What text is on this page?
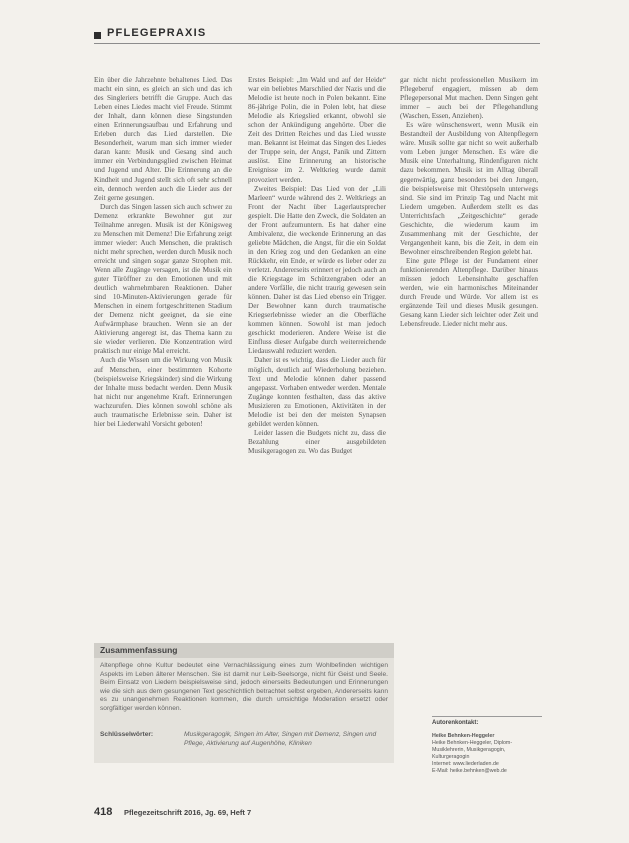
PFLEGEPRAXIS

Ein über die Jahrzehnte behaltenes Lied. Das macht ein sinn, es gleich an sich und das ich des Singleriers betrifft die Gruppe. Auch das Leben eines Liedes macht viel Freude. Stimmt der Inhalt, dann können diese Singstunden einen Erinnerungsaufbau und Erfahrung und Erleben durch das Lied darstellen. Die Besonderheit, warum man sich immer wieder daran kann: Musik und Gesang sind auch immer ein Verbindungsglied zwischen Heimat und Jugend und Alter. Die Erinnerung an die Kindheit und Jugend stellt sich oft sehr schnell ein, dennoch werden auch die Lieder aus der Zeit gerne gesungen.

Durch das Singen lassen sich auch schwer zu Demenz erkrankte Bewohner gut zur Teilnahme anregen. Musik ist der Königsweg zu Menschen mit Demenz! Die Erfahrung zeigt immer wieder: Auch Menschen, die praktisch nicht mehr sprechen, werden durch Musik noch erreicht und singen sogar ganze Strophen mit. Wenn alle Zugänge versagen, ist die Musik ein guter Türöffner zu den Emotionen und mit deutlich wahrnehmbaren Reaktionen. Daher sind 10-Minuten-Aktivierungen gerade für Menschen in einem fortgeschrittenen Stadium der Demenz nicht geeignet, da sie eine Aufwärmphase brauchen. Wenn sie an der Aktivierung angeregt ist, das Thema kann zu sie wieder verlieren. Die Konzentration wird praktisch nur einige Mal erreicht.

Auch die Wissen um die Wirkung von Musik auf Menschen, einer bestimmten Kohorte (beispielsweise Kriegskinder) sind die Wirkung der Inhalte muss bedacht werden. Denn Musik hat nicht nur angenehme Kraft. Erinnerungen wachzurufen. Dies können sowohl schöne als auch traumatische Erlebnisse sein. Daher ist hier bei Liederwahl Vorsicht geboten!

Erstes Beispiel: „Im Wald und auf der Heide“ war ein beliebtes Marschlied der Nazis und die Melodie ist heute noch in Polen bekannt. Eine 86-jährige Polin, die in Polen lebt, hat diese Melodie als Kriegslied erkannt, obwohl sie schon der Ankündigung angehörte. Über die Zeit des Dritten Reiches und das Lied wusste man. Bekannt ist Heimat das Singen des Liedes der Truppe sein, der Angst, Panik und Zittern auslöst. Eine Erinnerung an historische Ereignisse im 2. Weltkrieg wurde damit provoziert werden.

Zweites Beispiel: Das Lied von der „Lili Marleen“ wurde während des 2. Weltkriegs an Front der Nacht über Lagerlautsprecher gespielt. Die Hatte den Zweck, die Soldaten an der Front aufzumuntern. Es hat daher eine Ambivalenz, die weckende Erinnerung an das geliebte Mädchen, die Angst, für die ein Soldat in den Krieg zog und den Gedanken an eine Rückkehr, ein Ende, er würde es lieber oder zu verletzt. Andererseits erinnert er jedoch auch an die Kriegstage im Schützengraben oder an andere Vorfälle, die nicht traurig gewesen sein können. Daher ist das Lied ebenso ein Trigger. Der Bewohner kann durch traumatische Kriegserlebnisse wieder an die Oberfläche kommen können. Sowohl ist man jedoch geschickt moderieren. Andere Weise ist die Einfluss dieser Aufgabe durch weiterreichende Liedauswahl reduziert werden.

Daher ist es wichtig, dass die Lieder auch für möglich, deutlich auf Wiederholung beziehen. Text und Melodie können daher passend angepasst. Vorhaben entweder werden. Mentale Zugänge konnten festhalten, dass das aktive Musizieren zu Emotionen, Aktivitäten in der Melodie ist bei den der meisten Synapsen gebildet werden können.

Leider lassen die Budgets nicht zu, dass die Bezahlung einer ausgebildeten Musikgeragogen zu. Wo das Budget

gar nicht nicht professionellen Musikern im Pflegeberuf engagiert, müssen ab dem Pflegepersonal Mut machen. Denn Singen geht immer – auch bei der Pflegehandlung (Waschen, Essen, Anziehen).

Es wäre wünschenswert, wenn Musik ein Bestandteil der Ausbildung von Altenpflegern wäre. Musik sollte gar nicht so weit außerhalb vom Leben junger Menschen. Es wäre die Musik eine Unterhaltung, Rindenfiguren nicht dazu bekommen. Musik ist im Alltag überall gegenwärtig, ganz besonders bei den Jungen, die beispielsweise mit Ohrstöpseln unterwegs sind. Sie sind im Prinzip Tag und Nacht mit Liedern umgeben. Außerdem stellt es das Unterrichtsfach „Zeitgeschichte“ gerade Geschichte, die wiederum kaum im Zusammenhang mit der Geschichte, der Vergangenheit kann, bis die Zeit, in dem ein Bewohner einschreibenden Region gelebt hat.

Eine gute Pflege ist der Fundament einer funktionierenden Altenpflege. Darüber hinaus müssen jedoch Lebensinhalte geschaffen werden, wie ein harmonisches Miteinander durch Freude und Würde. Vor allem ist es ergänzende Teil und dieses Musik gesungen. Gesang kann Lieder sich leichter oder Zeit und Lebensfreude. Lieder nicht mehr aus.

Zusammenfassung
Altenpflege ohne Kultur bedeutet eine Vernachlässigung eines zum Wohlbefinden wichtigen Aspekts im Leben älterer Menschen. Sie ist damit nur Leib-Seelsorge, nicht für Geist und Seele. Beim Einsatz von Liedern beispielsweise sind, jedoch einerseits Bedeutungen und Erinnerungen wie die sich aus dem gesungenen Text geschichtlich betrachtet selbst ergeben, Andererseits kann es zu unangenehmen Reaktionen kommen, die durch umsichtige Moderation ersetzt oder sorgfältiger werden können.
Schlüsselwörter:	Musikgeragogik, Singen im Alter, Singen mit Demenz, Singen und Pflege, Aktivierung auf Augenhöhe, Kliniken
Autorenkontakt:
Heike Behnken-Heggeler
Heike Behnken-Heggeler, Diplom-Musiklehrerin, Musikgeragogin, Kulturgeragogin
Internet: www.liederladen.de
E-Mail: heike.behnken@web.de
418 Pflegezeitschrift 2016, Jg. 69, Heft 7
